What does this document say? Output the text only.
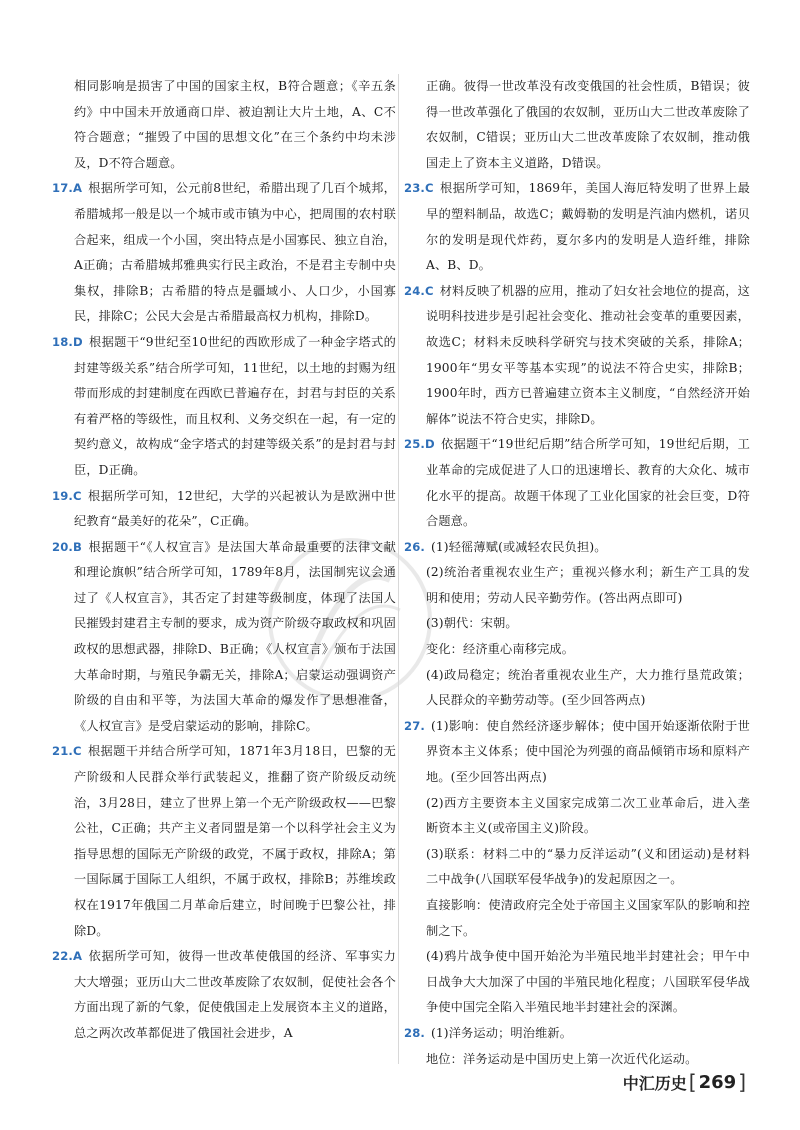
相同影响是损害了中国的国家主权，B符合题意；《辛五条约》中中国未开放通商口岸、被迫割让大片土地，A、C不符合题意；“摧毁了中国的思想文化”在三个条约中均未涉及，D不符合题意。

17.A 根据所学可知，公元前8世纪，希腊出现了几百个城邦，希腊城邦一般是以一个城市或市镇为中心，把周围的农村联合起来，组成一个小国，突出特点是小国寡民、独立自治，A正确；古希腊城邦雅典实行民主政治，不是君主专制中央集权，排除B；古希腊的特点是疆域小、人口少，小国寡民，排除C；公民大会是古希腊最高权力机构，排除D。

18.D 根据题干“9世纪至10世纪的西欧形成了一种金字塔式的封建等级关系”结合所学可知，11世纪，以土地的封赐为纽带而形成的封建制度在西欧已普遍存在，封君与封臣的关系有着严格的等级性，而且权利、义务交织在一起，有一定的契约意义，故构成“金字塔式的封建等级关系”的是封君与封臣，D正确。

19.C 根据所学可知，12世纪，大学的兴起被认为是欧洲中世纪教育“最美好的花朵”，C正确。

20.B 根据题干“《人权宣言》是法国大革命最重要的法律文献和理论旗帜”结合所学可知，1789年8月，法国制宪议会通过了《人权宣言》，其否定了封建等级制度，体现了法国人民摧毁封建君主专制的要求，成为资产阶级夺取政权和巩固政权的思想武器，排除D、B正确；《人权宣言》颁布于法国大革命时期，与殖民争霸无关，排除A；启蒙运动强调资产阶级的自由和平等，为法国大革命的爆发作了思想准备，《人权宣言》是受启蒙运动的影响，排除C。

21.C 根据题干并结合所学可知，1871年3月18日，巴黎的无产阶级和人民群众举行武装起义，推翻了资产阶级反动统治，3月28日，建立了世界上第一个无产阶级政权——巴黎公社，C正确；共产主义者同盟是第一个以科学社会主义为指导思想的国际无产阶级的政党，不属于政权，排除A；第一国际属于国际工人组织，不属于政权，排除B；苏维埃政权在1917年俄国二月革命后建立，时间晚于巴黎公社，排除D。

22.A 依据所学可知，彼得一世改革使俄国的经济、军事实力大大增强；亚历山大二世改革废除了农奴制，促使社会各个方面出现了新的气象，促使俄国走上发展资本主义的道路，总之两次改革都促进了俄国社会进步，A

正确。彼得一世改革没有改变俄国的社会性质，B错误；彼得一世改革强化了俄国的农奴制，亚历山大二世改革废除了农奴制，C错误；亚历山大二世改革废除了农奴制，推动俄国走上了资本主义道路，D错误。

23.C 根据所学可知，1869年，美国人海厄特发明了世界上最早的塑料制品，故选C；戴姆勒的发明是汽油内燃机，诺贝尔的发明是现代炸药，夏尔多内的发明是人造纤维，排除A、B、D。

24.C 材料反映了机器的应用，推动了妇女社会地位的提高，这说明科技进步是引起社会变化、推动社会变革的重要因素，故选C；材料未反映科学研究与技术突破的关系，排除A；1900年“男女平等基本实现”的说法不符合史实，排除B；1900年时，西方已普遍建立资本主义制度，“自然经济开始解体”说法不符合史实，排除D。

25.D 依据题干“19世纪后期”结合所学可知，19世纪后期，工业革命的完成促进了人口的迅速增长、教育的大众化、城市化水平的提高。故题干体现了工业化国家的社会巨变，D符合题意。

26. (1)轻徭薄赋(或减轻农民负担)。

(2)统治者重视农业生产；重视兴修水利；新生产工具的发明和使用；劳动人民辛勤劳作。(答出两点即可)

(3)朝代：宋朝。

变化：经济重心南移完成。

(4)政局稳定；统治者重视农业生产，大力推行垦荒政策；人民群众的辛勤劳动等。(至少回答两点)

27. (1)影响：使自然经济逐步解体；使中国开始逐渐依附于世界资本主义体系；使中国沦为列强的商品倾销市场和原料产地。(至少回答出两点)

(2)西方主要资本主义国家完成第二次工业革命后，进入垄断资本主义(或帝国主义)阶段。

(3)联系：材料二中的“暴力反洋运动”(义和团运动)是材料二中战争(八国联军侵华战争)的发起原因之一。

直接影响：使清政府完全处于帝国主义国家军队的影响和控制之下。

(4)鸦片战争使中国开始沦为半殖民地半封建社会；甲午中日战争大大加深了中国的半殖民地化程度；八国联军侵华战争使中国完全陷入半殖民地半封建社会的深渊。

28. (1)洋务运动；明治维新。

地位：洋务运动是中国历史上第一次近代化运动。

中汇历史 [ 269 ]
